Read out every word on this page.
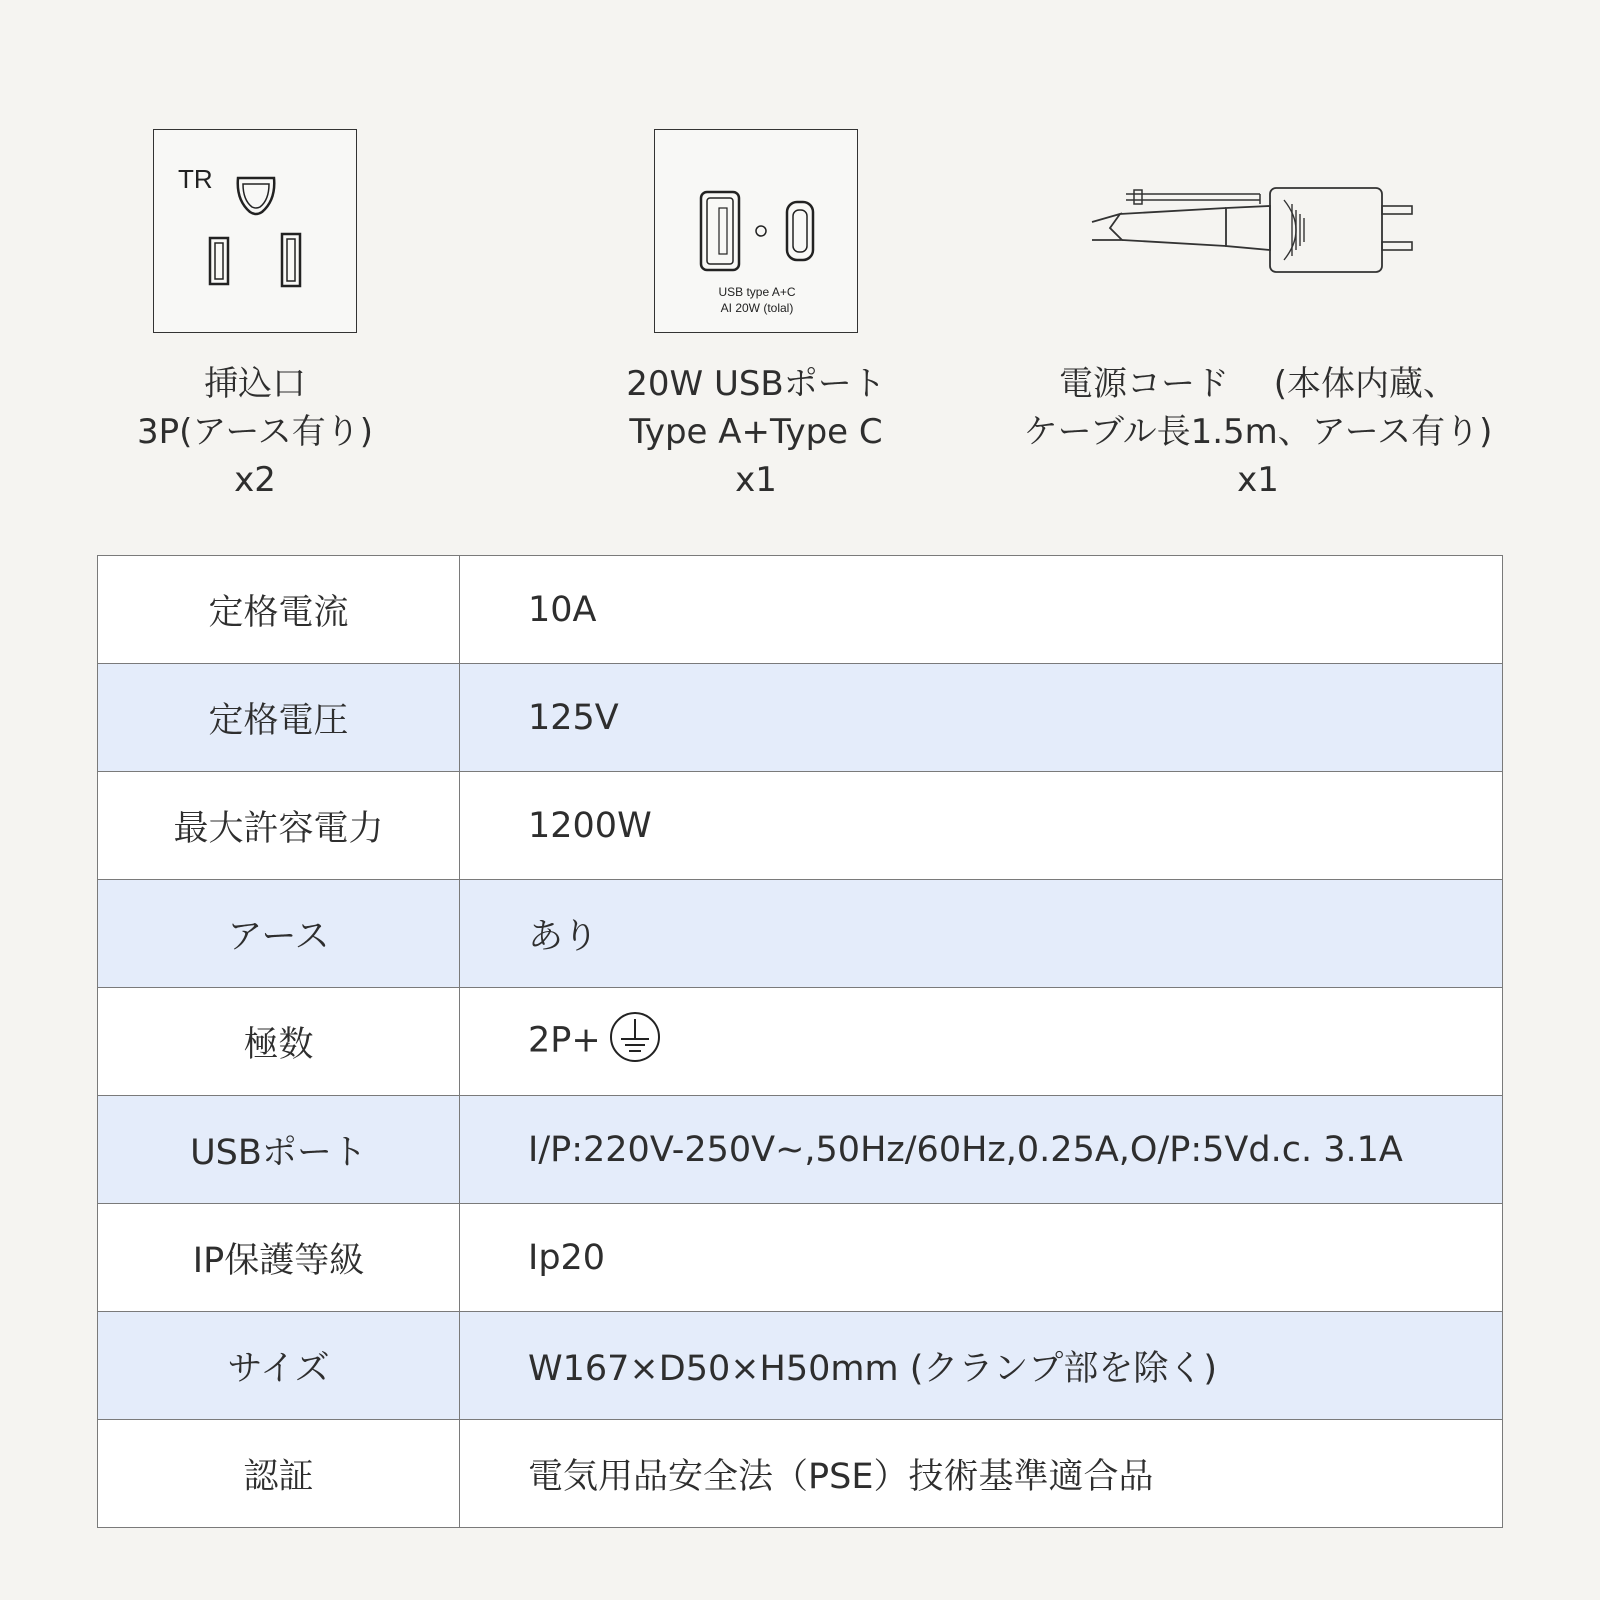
TR
挿込口
3P(アース有り)
x2
USB type A+C
AI 20W (tolal)
20W USBポート
Type A+Type C
x1
電源コード　 (本体内蔵、
ケーブル長1.5m、アース有り)
x1
定格電流	10A
定格電圧	125V
最大許容電力	1200W
アース	あり
極数	2P+
USBポート	I/P:220V-250V~,50Hz/60Hz,0.25A,O/P:5Vd.c. 3.1A
IP保護等級	Ip20
サイズ	W167×D50×H50mm (クランプ部を除く)
認証	電気用品安全法（PSE）技術基準適合品
